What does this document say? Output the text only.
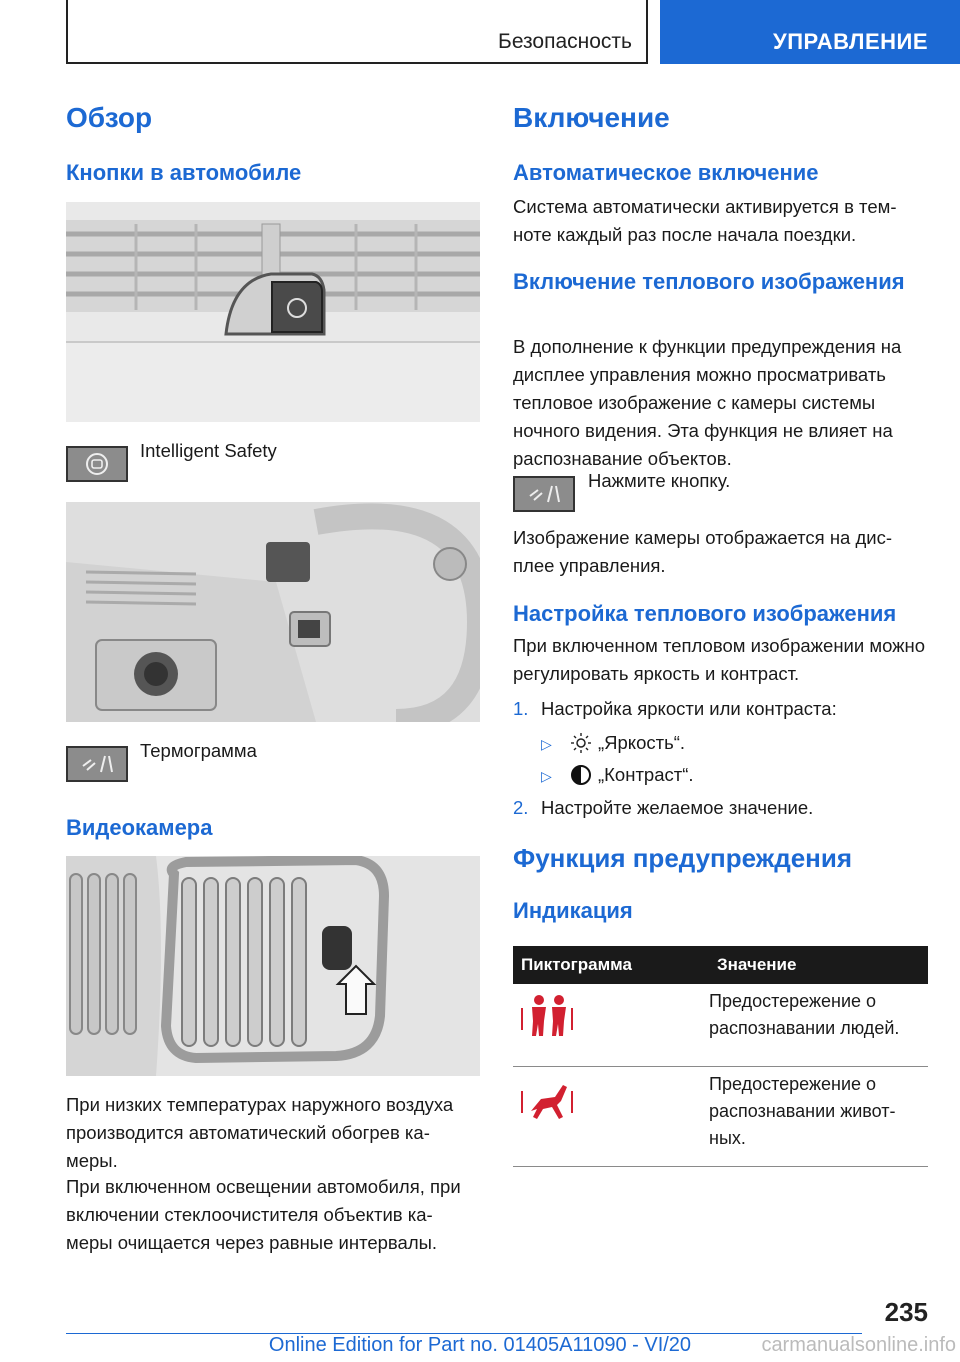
Безопасность	УПРАВЛЕНИЕ
Обзор
Кнопки в автомобиле
Intelligent Safety
Термограмма
Видеокамера
При низких температурах наружного воздуха производится автоматический обогрев ка- меры.
При включенном освещении автомобиля, при включении стеклоочистителя объектив ка- меры очищается через равные интервалы.
Включение
Автоматическое включение
Система автоматически активируется в тем- ноте каждый раз после начала поездки.
Включение теплового изображения
В дополнение к функции предупреждения на дисплее управления можно просматривать тепловое изображение с камеры системы ночного видения. Эта функция не влияет на распознавание объектов.
Нажмите кнопку.
Изображение камеры отображается на дис- плее управления.
Настройка теплового изображения
При включенном тепловом изображении можно регулировать яркость и контраст.
1. Настройка яркости или контраста:
▷ „Яркость“.
▷ „Контраст“.
2. Настройте желаемое значение.
Функция предупреждения
Индикация
Пиктограмма	Значение
	Предостережение о распознавании людей.
	Предостережение о распознавании живот- ных.
235
Online Edition for Part no. 01405A11090 - VI/20	carmanualsonline.info
